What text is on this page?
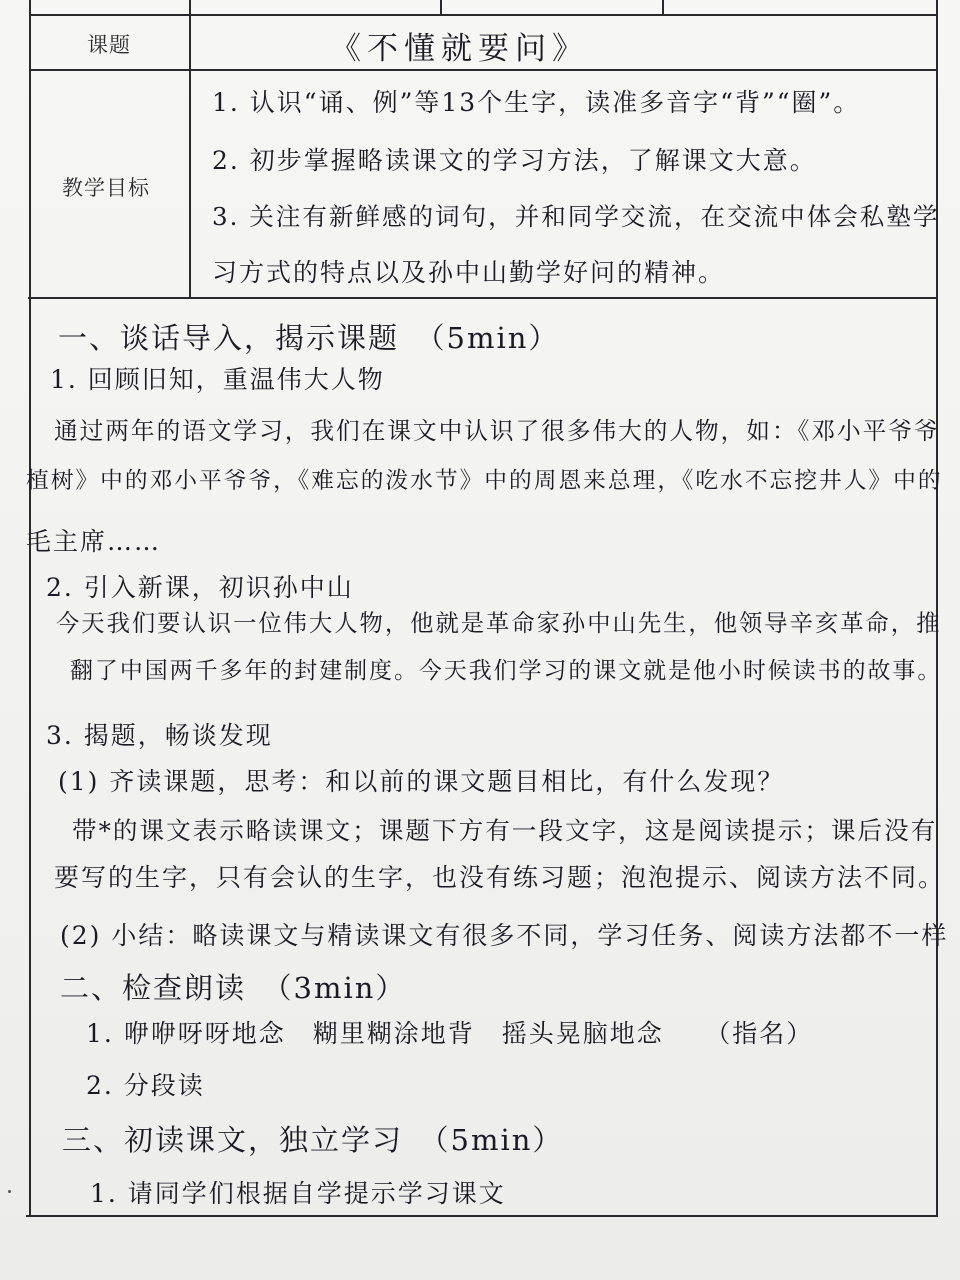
课题	《不懂就要问》
教学目标
1. 认识“诵、例”等13个生字，读准多音字“背”“圈”。
2. 初步掌握略读课文的学习方法，了解课文大意。
3. 关注有新鲜感的词句，并和同学交流，在交流中体会私塾学
习方式的特点以及孙中山勤学好问的精神。
一、谈话导入，揭示课题　（5min）
1. 回顾旧知，重温伟大人物
通过两年的语文学习，我们在课文中认识了很多伟大的人物，如：《邓小平爷爷
植树》中的邓小平爷爷，《难忘的泼水节》中的周恩来总理，《吃水不忘挖井人》中的
毛主席……
2. 引入新课，初识孙中山
今天我们要认识一位伟大人物，他就是革命家孙中山先生，他领导辛亥革命，推
翻了中国两千多年的封建制度。今天我们学习的课文就是他小时候读书的故事。
3. 揭题，畅谈发现
(1) 齐读课题，思考：和以前的课文题目相比，有什么发现？
带*的课文表示略读课文；课题下方有一段文字，这是阅读提示；课后没有
要写的生字，只有会认的生字，也没有练习题；泡泡提示、阅读方法不同。
(2) 小结：略读课文与精读课文有很多不同，学习任务、阅读方法都不一样
二、检查朗读　（3min）
1. 咿咿呀呀地念　糊里糊涂地背　摇头晃脑地念　　（指名）
2. 分段读
三、初读课文，独立学习　（5min）
1. 请同学们根据自学提示学习课文
